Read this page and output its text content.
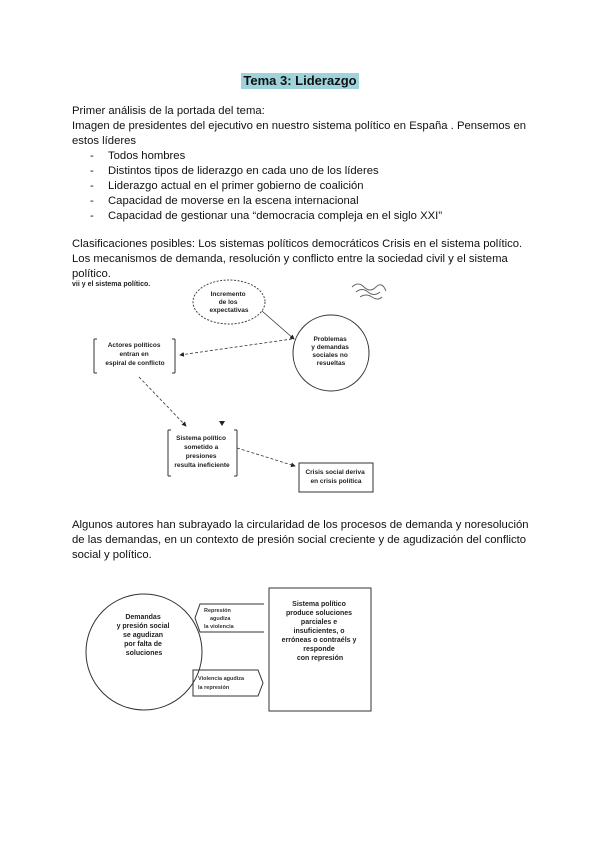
Tema 3: Liderazgo
Primer análisis de la portada del tema:
Imagen de presidentes del ejecutivo en nuestro sistema político en España . Pensemos en estos líderes
- Todos hombres
- Distintos tipos de liderazgo en cada uno de los líderes
- Liderazgo actual en el primer gobierno de coalición
- Capacidad de moverse en la escena internacional
- Capacidad de gestionar una “democracia compleja en el siglo XXI”
Clasificaciones posibles: Los sistemas políticos democráticos Crisis en el sistema político. Los mecanismos de demanda, resolución y conflicto entre la sociedad civil y el sistema político.
vii y el sistema político.
Incremento de los expectativas
Problemas y demandas sociales no resueltas
Actores políticos entran en espiral de conflicto
Sistema político sometido a presiones resulta ineficiente
Crisis social deriva en crisis política
Demandas y presión social se agudizan por falta de soluciones
Represión agudiza la violencia
Violencia agudiza la represión
Sistema político produce soluciones parciales e insuficientes, o erróneas o contraéls y responde con represión
Algunos autores han subrayado la circularidad de los procesos de demanda y noresolución de las demandas, en un contexto de presión social creciente y de agudización del conflicto social y político.
